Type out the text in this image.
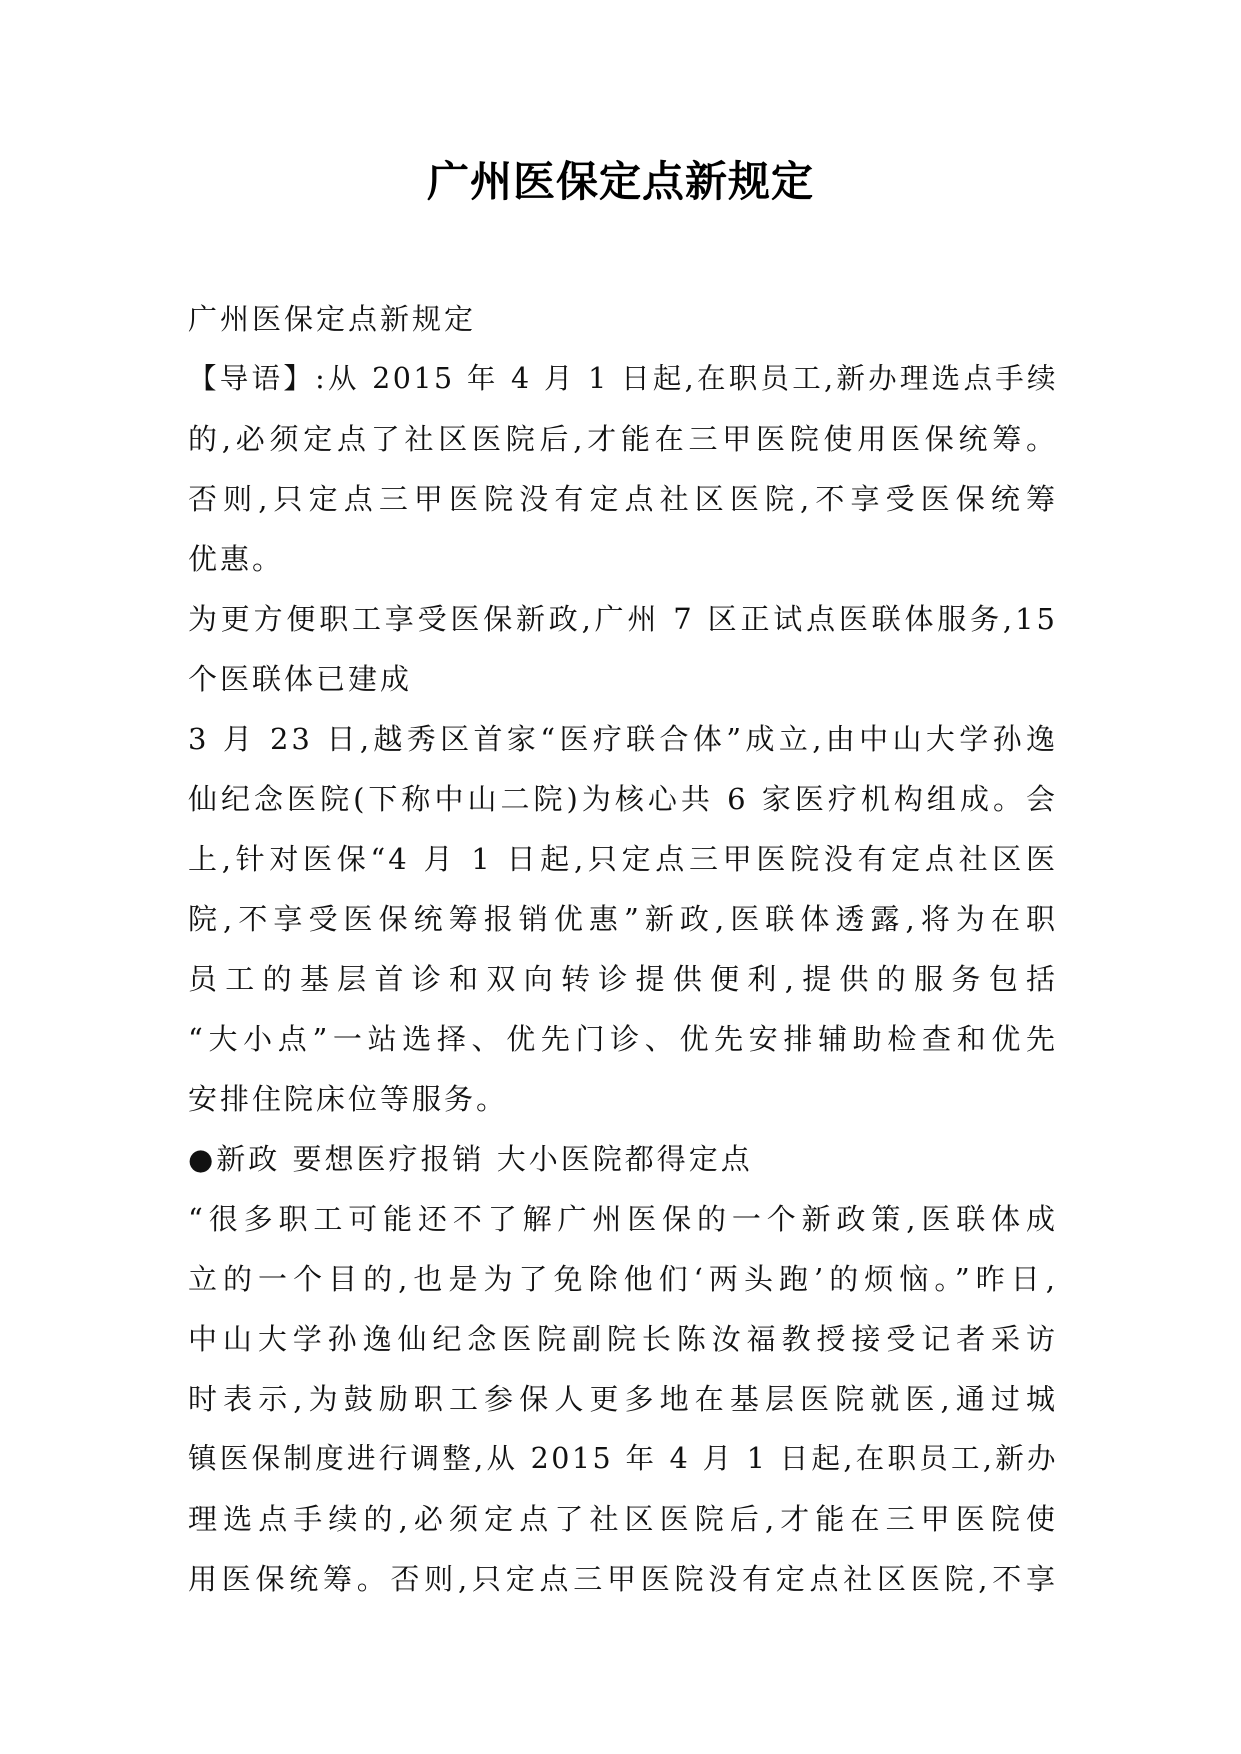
广州医保定点新规定
广州医保定点新规定
【导语】:从 2015 年 4 月 1 日起,在职员工,新办理选点手续
的,必须定点了社区医院后,才能在三甲医院使用医保统筹。
否则,只定点三甲医院没有定点社区医院,不享受医保统筹
优惠。
为更方便职工享受医保新政,广州 7 区正试点医联体服务,15
个医联体已建成
3 月 23 日,越秀区首家“医疗联合体”成立,由中山大学孙逸
仙纪念医院(下称中山二院)为核心共 6 家医疗机构组成。会
上,针对医保“4 月 1 日起,只定点三甲医院没有定点社区医
院,不享受医保统筹报销优惠”新政,医联体透露,将为在职
员工的基层首诊和双向转诊提供便利,提供的服务包括
“大小点”一站选择、优先门诊、优先安排辅助检查和优先
安排住院床位等服务。
●新政 要想医疗报销 大小医院都得定点
“很多职工可能还不了解广州医保的一个新政策,医联体成
立的一个目的,也是为了免除他们‘两头跑’的烦恼。”昨日,
中山大学孙逸仙纪念医院副院长陈汝福教授接受记者采访
时表示,为鼓励职工参保人更多地在基层医院就医,通过城
镇医保制度进行调整,从 2015 年 4 月 1 日起,在职员工,新办
理选点手续的,必须定点了社区医院后,才能在三甲医院使
用医保统筹。否则,只定点三甲医院没有定点社区医院,不享
